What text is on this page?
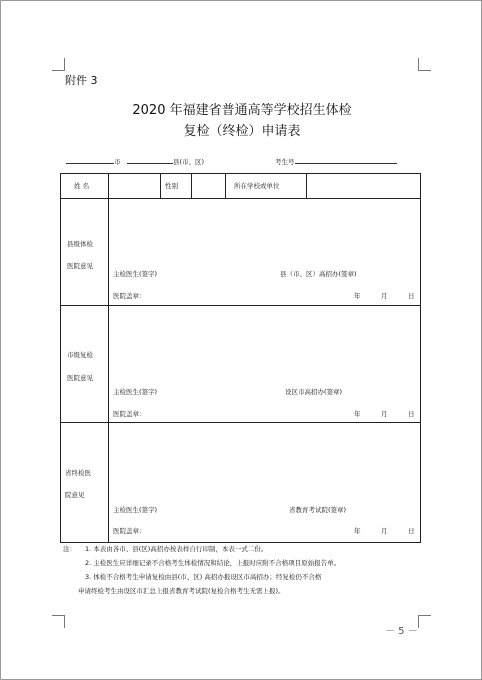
附件 3
2020 年福建省普通高等学校招生体检
复检（终检）申请表
市	县(市、区)	考生号
姓 名	性别	所在学校或单位
县级体检
医院意见
主检医生(签字)	县（市、区）高招办(签章)
医院盖章：	年	月	日
市级复检
医院意见
主检医生(签字)	设区市高招办(签章)
医院盖章：	年	月	日
省终检医
院意见
主检医生(签字)	省教育考试院(签章)
医院盖章：	年	月	日
注： 1. 本表由各市、县(区)高招办按表样自行印制，本表一式二份。
2. 主检医生应详细记录不合格考生体检情况和结论，上报时应附不合格项目原始报告单。
3. 体检不合格考生申请复检由县(市、区) 高招办报设区市高招办；经复检仍不合格
申请终检考生由设区市汇总上报省教育考试院(复检合格考生无需上报)。
－ 5 －
